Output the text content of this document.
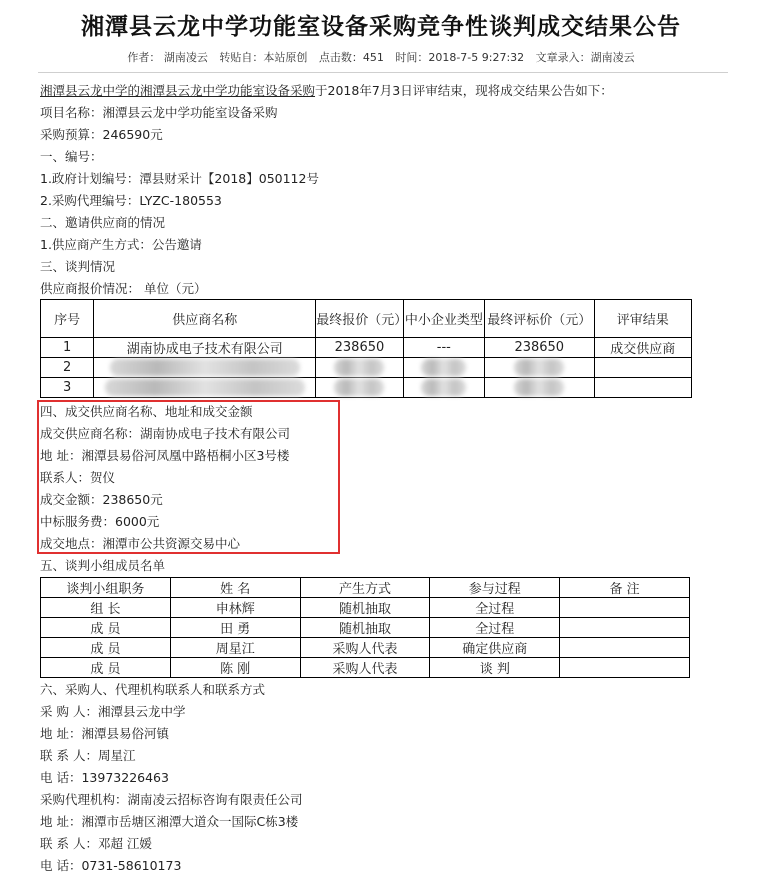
湘潭县云龙中学功能室设备采购竞争性谈判成交结果公告
作者： 湖南凌云 转贴自：本站原创 点击数：451 时间：2018-7-5 9:27:32 文章录入：湖南凌云
湘潭县云龙中学的湘潭县云龙中学功能室设备采购于2018年7月3日评审结束，现将成交结果公告如下：
项目名称：湘潭县云龙中学功能室设备采购
采购预算：246590元
一、编号：
1.政府计划编号：潭县财采计【2018】050112号
2.采购代理编号：LYZC-180553
二、邀请供应商的情况
1.供应商产生方式：公告邀请
三、谈判情况
供应商报价情况： 单位（元）
序号	供应商名称	最终报价（元）	中小企业类型	最终评标价（元）	评审结果
1	湖南协成电子技术有限公司	238650	---	238650	成交供应商
2					
3					
四、成交供应商名称、地址和成交金额
成交供应商名称：湖南协成电子技术有限公司
地 址：湘潭县易俗河凤凰中路梧桐小区3号楼
联系人：贺仪
成交金额：238650元
中标服务费：6000元
成交地点：湘潭市公共资源交易中心
五、谈判小组成员名单
谈判小组职务	姓 名	产生方式	参与过程	备 注
组 长	申林辉	随机抽取	全过程	
成 员	田 勇	随机抽取	全过程	
成 员	周星江	采购人代表	确定供应商	
成 员	陈 刚	采购人代表	谈 判	
六、采购人、代理机构联系人和联系方式
采 购 人：湘潭县云龙中学
地 址：湘潭县易俗河镇
联 系 人：周星江
电 话：13973226463
采购代理机构：湖南凌云招标咨询有限责任公司
地 址：湘潭市岳塘区湘潭大道众一国际C栋3楼
联 系 人：邓超 江媛
电 话：0731-58610173
